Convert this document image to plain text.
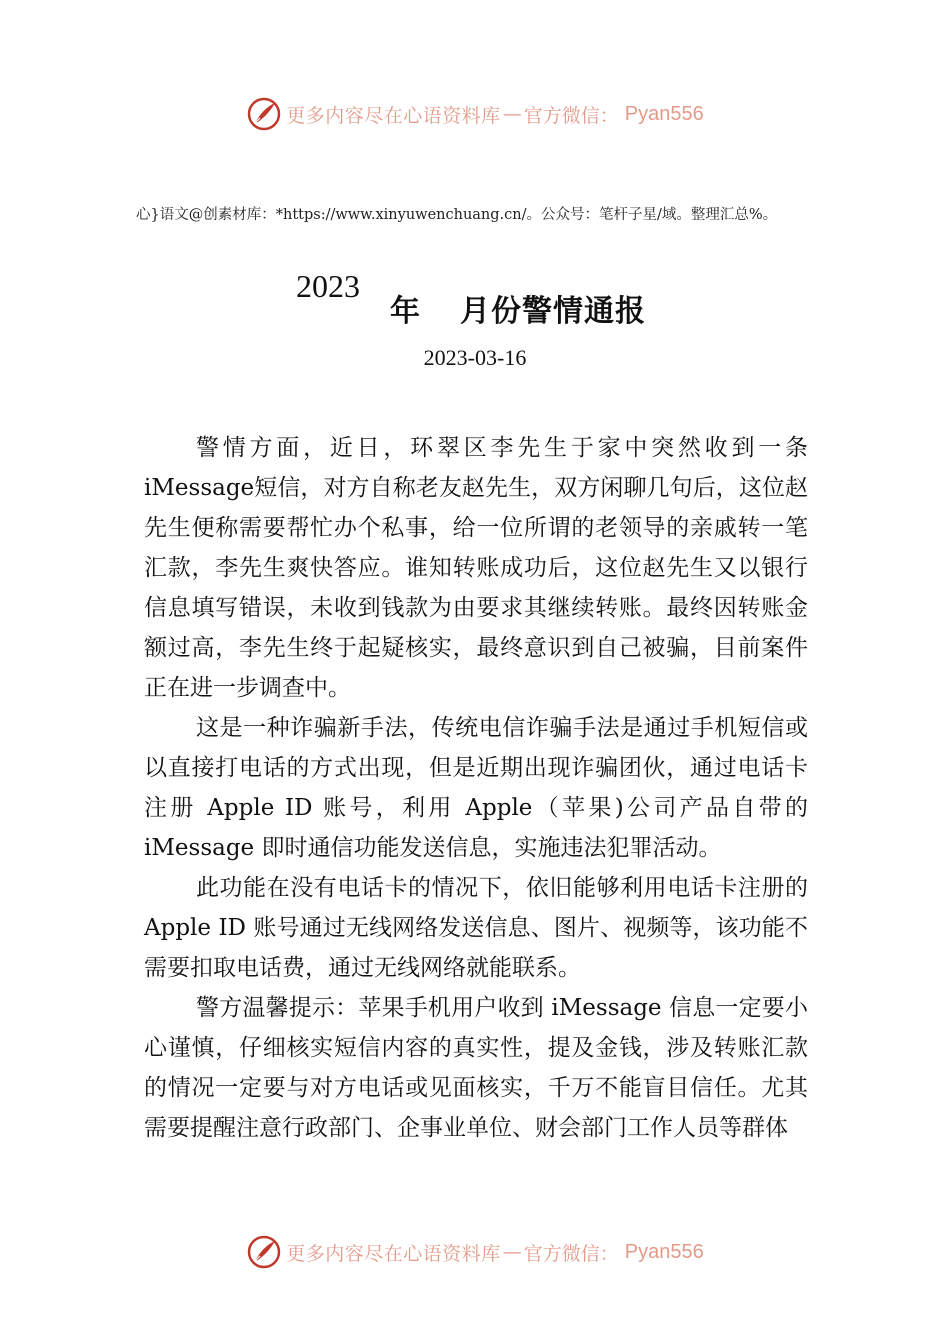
更多内容尽在心语资料库 — 官方微信： Pyan556
心}语文@创素材库：*https://www.xinyuwenchuang.cn/。公众号：笔杆子星/域。整理汇总%。
2023
年 月份警情通报
2023-03-16

警情方面，近日，环翠区李先生于家中突然收到一条iMessage短信，对方自称老友赵先生，双方闲聊几句后，这位赵先生便称需要帮忙办个私事，给一位所谓的老领导的亲戚转一笔汇款，李先生爽快答应。谁知转账成功后，这位赵先生又以银行信息填写错误，未收到钱款为由要求其继续转账。最终因转账金额过高，李先生终于起疑核实，最终意识到自己被骗，目前案件正在进一步调查中。

这是一种诈骗新手法，传统电信诈骗手法是通过手机短信或以直接打电话的方式出现，但是近期出现诈骗团伙，通过电话卡注册 Apple ID 账号，利用 Apple（苹果)公司产品自带的 iMessage 即时通信功能发送信息，实施违法犯罪活动。

此功能在没有电话卡的情况下，依旧能够利用电话卡注册的 Apple ID 账号通过无线网络发送信息、图片、视频等，该功能不需要扣取电话费，通过无线网络就能联系。

警方温馨提示：苹果手机用户收到 iMessage 信息一定要小心谨慎，仔细核实短信内容的真实性，提及金钱，涉及转账汇款的情况一定要与对方电话或见面核实，千万不能盲目信任。尤其需要提醒注意行政部门、企事业单位、财会部门工作人员等群体

更多内容尽在心语资料库 — 官方微信： Pyan556
